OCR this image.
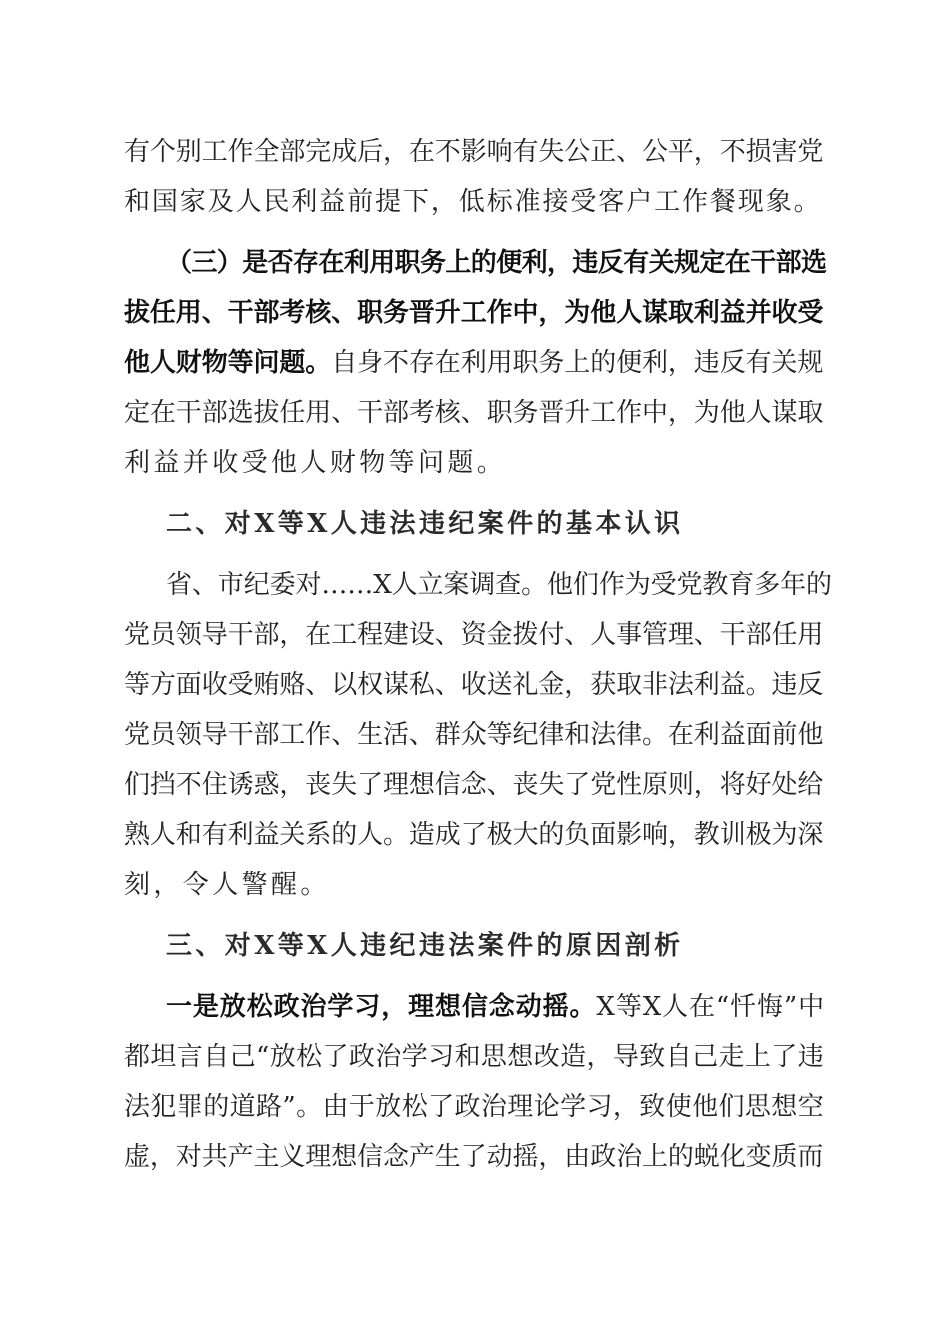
有个别工作全部完成后，在不影响有失公正、公平，不损害党
和国家及人民利益前提下，低标准接受客户工作餐现象。
（三）是否存在利用职务上的便利，违反有关规定在干部选
拔任用、干部考核、职务晋升工作中，为他人谋取利益并收受
他人财物等问题。自身不存在利用职务上的便利，违反有关规
定在干部选拔任用、干部考核、职务晋升工作中，为他人谋取
利益并收受他人财物等问题。
二、对X等X人违法违纪案件的基本认识
省、市纪委对……X人立案调查。他们作为受党教育多年的
党员领导干部，在工程建设、资金拨付、人事管理、干部任用
等方面收受贿赂、以权谋私、收送礼金，获取非法利益。违反
党员领导干部工作、生活、群众等纪律和法律。在利益面前他
们挡不住诱惑，丧失了理想信念、丧失了党性原则，将好处给
熟人和有利益关系的人。造成了极大的负面影响，教训极为深
刻，令人警醒。
三、对X等X人违纪违法案件的原因剖析
一是放松政治学习，理想信念动摇。X等X人在“忏悔”中
都坦言自己“放松了政治学习和思想改造，导致自己走上了违
法犯罪的道路”。由于放松了政治理论学习，致使他们思想空
虚，对共产主义理想信念产生了动摇，由政治上的蜕化变质而
